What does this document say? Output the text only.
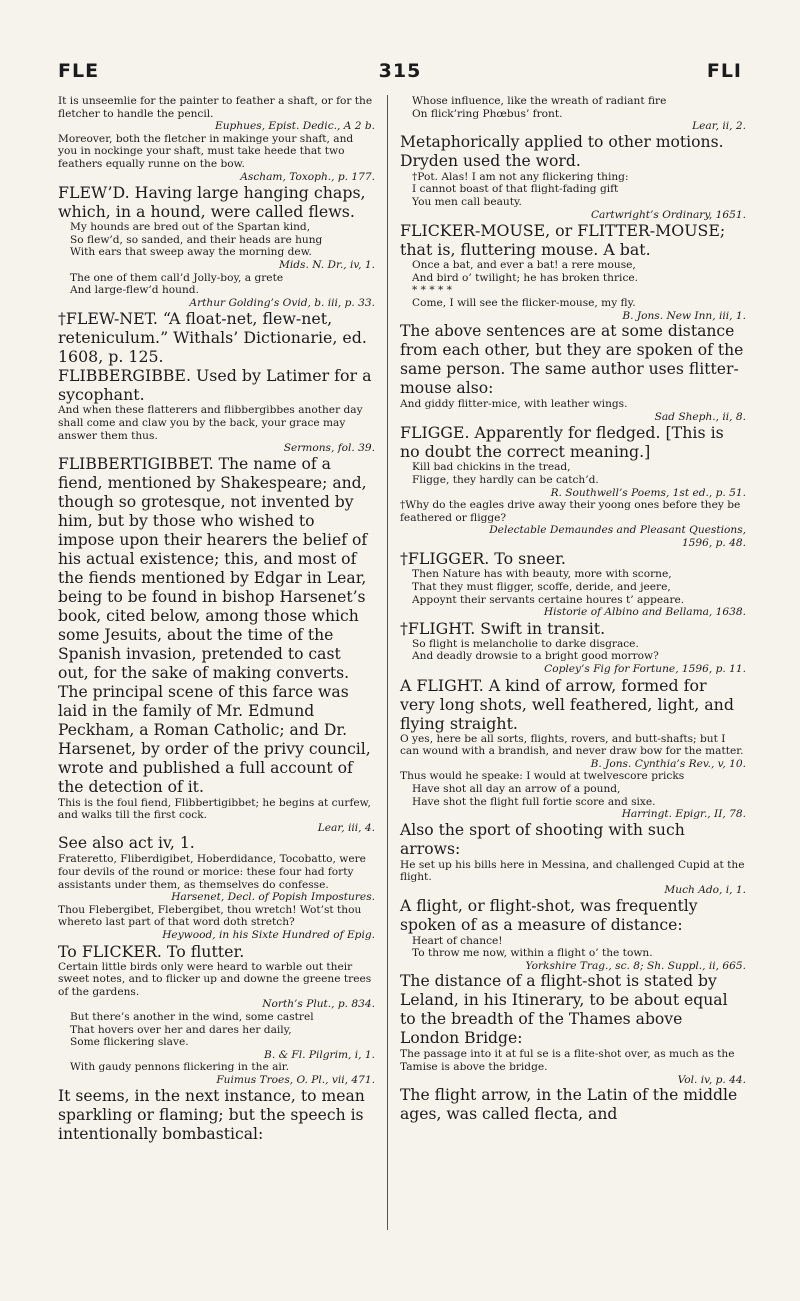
FLE	315	FLI

It is unseemlie for the painter to feather a shaft, or for the fletcher to handle the pencil.

Euphues, Epist. Dedic., A 2 b.

Moreover, both the fletcher in makinge your shaft, and you in nockinge your shaft, must take heede that two feathers equally runne on the bow.

Ascham, Toxoph., p. 177.

FLEW’D. Having large hanging chaps, which, in a hound, were called flews.

My hounds are bred out of the Spartan kind,

So flew’d, so sanded, and their heads are hung

With ears that sweep away the morning dew.

Mids. N. Dr., iv, 1.

The one of them call’d Jolly-boy, a grete

And large-flew’d hound.

Arthur Golding’s Ovid, b. iii, p. 33.

†FLEW-NET. “A float-net, flew-net, reteniculum.” Withals’ Dictionarie, ed. 1608, p. 125.

FLIBBERGIBBE. Used by Latimer for a sycophant.

And when these flatterers and flibbergibbes another day shall come and claw you by the back, your grace may answer them thus.

Sermons, fol. 39.

FLIBBERTIGIBBET. The name of a fiend, mentioned by Shakespeare; and, though so grotesque, not invented by him, but by those who wished to impose upon their hearers the belief of his actual existence; this, and most of the fiends mentioned by Edgar in Lear, being to be found in bishop Harsenet’s book, cited below, among those which some Jesuits, about the time of the Spanish invasion, pretended to cast out, for the sake of making converts. The principal scene of this farce was laid in the family of Mr. Edmund Peckham, a Roman Catholic; and Dr. Harsenet, by order of the privy council, wrote and published a full account of the detection of it.

This is the foul fiend, Flibbertigibbet; he begins at curfew, and walks till the first cock.

Lear, iii, 4.

See also act iv, 1.

Frateretto, Fliberdigibet, Hoberdidance, Tocobatto, were four devils of the round or morice: these four had forty assistants under them, as themselves do confesse.

Harsenet, Decl. of Popish Impostures.

Thou Flebergibet, Flebergibet, thou wretch! Wot’st thou whereto last part of that word doth stretch?

Heywood, in his Sixte Hundred of Epig.

To FLICKER. To flutter.

Certain little birds only were heard to warble out their sweet notes, and to flicker up and downe the greene trees of the gardens.

North’s Plut., p. 834.

But there’s another in the wind, some castrel

That hovers over her and dares her daily,

Some flickering slave.

B. & Fl. Pilgrim, i, 1.

With gaudy pennons flickering in the air.

Fuimus Troes, O. Pl., vii, 471.

It seems, in the next instance, to mean sparkling or flaming; but the speech is intentionally bombastical:

Whose influence, like the wreath of radiant fire

On flick’ring Phœbus’ front.

Lear, ii, 2.

Metaphorically applied to other motions. Dryden used the word.

†Pot. Alas! I am not any flickering thing:

I cannot boast of that flight-fading gift

You men call beauty.

Cartwright’s Ordinary, 1651.

FLICKER-MOUSE, or FLITTER-MOUSE; that is, fluttering mouse. A bat.

Once a bat, and ever a bat! a rere mouse,

And bird o’ twilight; he has broken thrice.

* * * * *

Come, I will see the flicker-mouse, my fly.

B. Jons. New Inn, iii, 1.

The above sentences are at some distance from each other, but they are spoken of the same person. The same author uses flitter-mouse also:

And giddy flitter-mice, with leather wings.

Sad Sheph., ii, 8.

FLIGGE. Apparently for fledged. [This is no doubt the correct meaning.]

Kill bad chickins in the tread,

Fligge, they hardly can be catch’d.

R. Southwell’s Poems, 1st ed., p. 51.

†Why do the eagles drive away their yoong ones before they be feathered or fligge?

Delectable Demaundes and Pleasant Questions,

1596, p. 48.

†FLIGGER. To sneer.

Then Nature has with beauty, more with scorne,

That they must fligger, scoffe, deride, and jeere,

Appoynt their servants certaine houres t’ appeare.

Historie of Albino and Bellama, 1638.

†FLIGHT. Swift in transit.

So flight is melancholie to darke disgrace.

And deadly drowsie to a bright good morrow?

Copley’s Fig for Fortune, 1596, p. 11.

A FLIGHT. A kind of arrow, formed for very long shots, well feathered, light, and flying straight.

O yes, here be all sorts, flights, rovers, and butt-shafts; but I can wound with a brandish, and never draw bow for the matter.

B. Jons. Cynthia’s Rev., v, 10.

Thus would he speake: I would at twelvescore pricks

Have shot all day an arrow of a pound,

Have shot the flight full fortie score and sixe.

Harringt. Epigr., II, 78.

Also the sport of shooting with such arrows:

He set up his bills here in Messina, and challenged Cupid at the flight.

Much Ado, i, 1.

A flight, or flight-shot, was frequently spoken of as a measure of distance:

Heart of chance!

To throw me now, within a flight o’ the town.

Yorkshire Trag., sc. 8; Sh. Suppl., ii, 665.

The distance of a flight-shot is stated by Leland, in his Itinerary, to be about equal to the breadth of the Thames above London Bridge:

The passage into it at ful se is a flite-shot over, as much as the Tamise is above the bridge.

Vol. iv, p. 44.

The flight arrow, in the Latin of the middle ages, was called flecta, and
